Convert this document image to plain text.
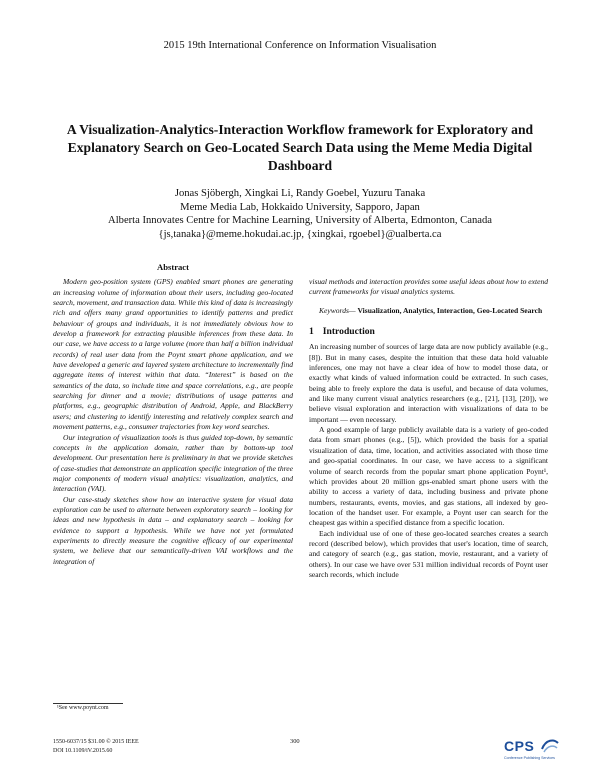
2015 19th International Conference on Information Visualisation
A Visualization-Analytics-Interaction Workflow framework for Exploratory and Explanatory Search on Geo-Located Search Data using the Meme Media Digital Dashboard
Jonas Sjöbergh, Xingkai Li, Randy Goebel, Yuzuru Tanaka
Meme Media Lab, Hokkaido University, Sapporo, Japan
Alberta Innovates Centre for Machine Learning, University of Alberta, Edmonton, Canada
{js,tanaka}@meme.hokudai.ac.jp, {xingkai, rgoebel}@ualberta.ca

Abstract

Modern geo-position system (GPS) enabled smart phones are generating an increasing volume of information about their users, including geo-located search, movement, and transaction data. While this kind of data is increasingly rich and offers many grand opportunities to identify patterns and predict behaviour of groups and individuals, it is not immediately obvious how to develop a framework for extracting plausible inferences from these data. In our case, we have access to a large volume (more than half a billion individual records) of real user data from the Poynt smart phone application, and we have developed a generic and layered system architecture to incrementally find aggregate items of interest within that data. “Interest” is based on the semantics of the data, so include time and space correlations, e.g., are people searching for dinner and a movie; distributions of usage patterns and platforms, e.g., geographic distribution of Android, Apple, and BlackBerry users; and clustering to identify interesting and relatively complex search and movement patterns, e.g., consumer trajectories from key word searches.

Our integration of visualization tools is thus guided top-down, by semantic concepts in the application domain, rather than by bottom-up tool development. Our presentation here is preliminary in that we provide sketches of case-studies that demonstrate an application specific integration of the three major components of modern visual analytics: visualization, analytics, and interaction (VAI).

Our case-study sketches show how an interactive system for visual data exploration can be used to alternate between exploratory search – looking for ideas and new hypothesis in data – and explanatory search – looking for evidence to support a hypothesis. While we have not yet formulated experiments to directly measure the cognitive efficacy of our experimental system, we believe that our semantically-driven VAI workflows and the integration of

visual methods and interaction provides some useful ideas about how to extend current frameworks for visual analytics systems.

Keywords— Visualization, Analytics, Interaction, Geo-Located Search

1 Introduction

An increasing number of sources of large data are now publicly available (e.g., [8]). But in many cases, despite the intuition that these data hold valuable inferences, one may not have a clear idea of how to model those data, or exactly what kinds of valued information could be extracted. In such cases, being able to freely explore the data is useful, and because of data volumes, and like many current visual analytics researchers (e.g., [21], [13], [20]), we believe visual exploration and interaction with visualizations of data to be important — even necessary.

A good example of large publicly available data is a variety of geo-coded data from smart phones (e.g., [5]), which provided the basis for a spatial visualization of data, time, location, and activities associated with those time and geo-spatial coordinates. In our case, we have access to a significant volume of search records from the popular smart phone application Poynt¹, which provides about 20 million gps-enabled smart phone users with the ability to access a variety of data, including business and private phone numbers, restaurants, events, movies, and gas stations, all indexed by geo-location of the handset user. For example, a Poynt user can search for the cheapest gas within a specified distance from a specific location.

Each individual use of one of these geo-located searches creates a search record (described below), which provides that user's location, time of search, and category of search (e.g., gas station, movie, restaurant, and a variety of others). In our case we have over 531 million individual records of Poynt user search records, which include

¹See www.poynt.com
1550-6037/15 $31.00 © 2015 IEEE
DOI 10.1109/iV.2015.60
300	CPS
Conference Publishing Services
